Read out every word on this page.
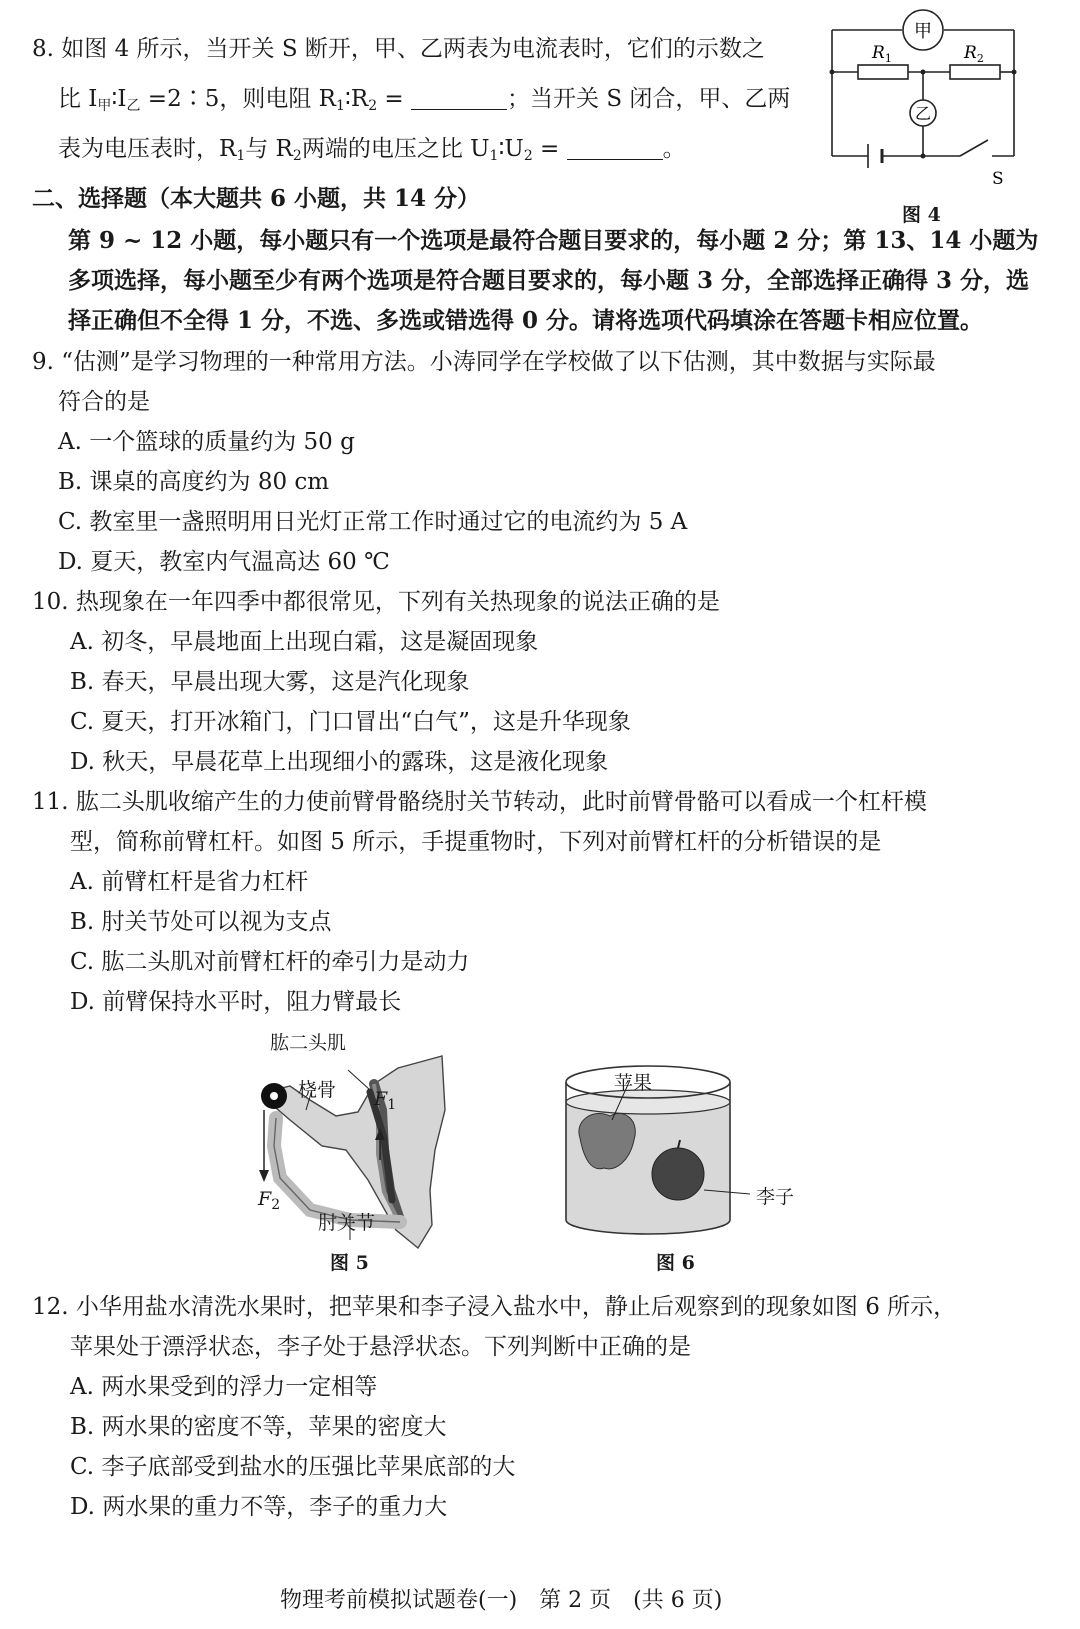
8. 如图 4 所示，当开关 S 断开，甲、乙两表为电流表时，它们的示数之
比 $I_甲∶I_乙$ =2∶5，则电阻 $R_1∶R_2$ =	；当开关 S 闭合，甲、乙两
表为电压表时，$R_1$与 $R_2$两端的电压之比 $U_1∶U_2$ =	。
甲
乙
$R_1$	$R_2$
S
图 4
二、选择题（本大题共 6 小题，共 14 分）
第 9 ~ 12 小题，每小题只有一个选项是最符合题目要求的，每小题 2 分；第 13、14 小题为
多项选择，每小题至少有两个选项是符合题目要求的，每小题 3 分，全部选择正确得 3 分，选
择正确但不全得 1 分，不选、多选或错选得 0 分。请将选项代码填涂在答题卡相应位置。
9. “估测”是学习物理的一种常用方法。小涛同学在学校做了以下估测，其中数据与实际最
符合的是
A. 一个篮球的质量约为 50 g
B. 课桌的高度约为 80 cm
C. 教室里一盏照明用日光灯正常工作时通过它的电流约为 5 A
D. 夏天，教室内气温高达 60 ℃
10. 热现象在一年四季中都很常见，下列有关热现象的说法正确的是
A. 初冬，早晨地面上出现白霜，这是凝固现象
B. 春天，早晨出现大雾，这是汽化现象
C. 夏天，打开冰箱门，门口冒出“白气”，这是升华现象
D. 秋天，早晨花草上出现细小的露珠，这是液化现象
11. 肱二头肌收缩产生的力使前臂骨骼绕肘关节转动，此时前臂骨骼可以看成一个杠杆模
型，简称前臂杠杆。如图 5 所示，手提重物时，下列对前臂杠杆的分析错误的是
A. 前臂杠杆是省力杠杆
B. 肘关节处可以视为支点
C. 肱二头肌对前臂杠杆的牵引力是动力
D. 前臂保持水平时，阻力臂最长
肱二头肌
桡骨 $F_1$
$F_2$
肘关节
图 5
苹果
李子
图 6
12. 小华用盐水清洗水果时，把苹果和李子浸入盐水中，静止后观察到的现象如图 6 所示，
苹果处于漂浮状态，李子处于悬浮状态。下列判断中正确的是
A. 两水果受到的浮力一定相等
B. 两水果的密度不等，苹果的密度大
C. 李子底部受到盐水的压强比苹果底部的大
D. 两水果的重力不等，李子的重力大
物理考前模拟试题卷(一)　第 2 页　(共 6 页)
